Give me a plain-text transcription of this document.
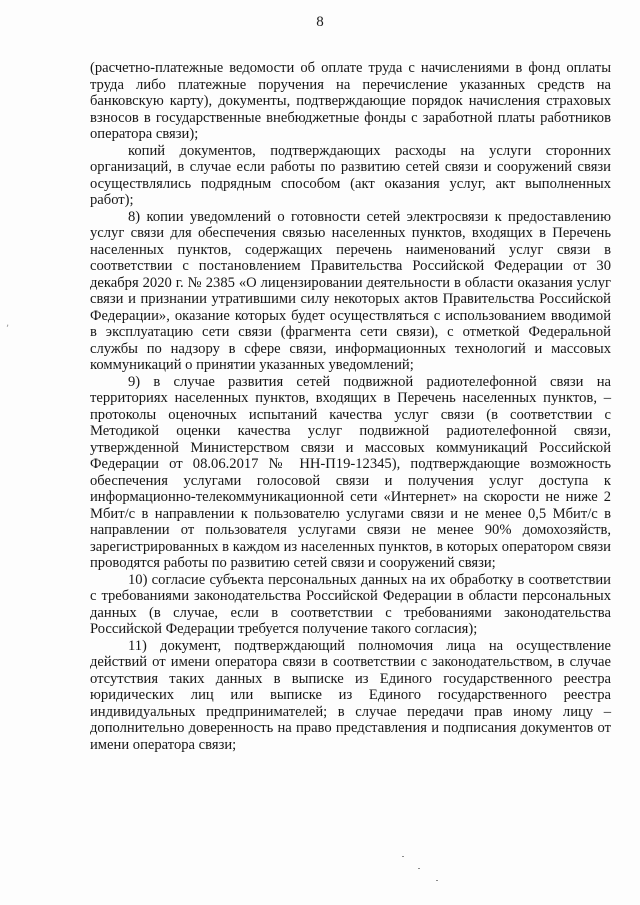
8

(расчетно-платежные ведомости об оплате труда с начислениями в фонд оплаты труда либо платежные поручения на перечисление указанных средств на банковскую карту), документы, подтверждающие порядок начисления страховых взносов в государственные внебюджетные фонды с заработной платы работников оператора связи);

копий документов, подтверждающих расходы на услуги сторонних организаций, в случае если работы по развитию сетей связи и сооружений связи осуществлялись подрядным способом (акт оказания услуг, акт выполненных работ);

8) копии уведомлений о готовности сетей электросвязи к предоставлению услуг связи для обеспечения связью населенных пунктов, входящих в Перечень населенных пунктов, содержащих перечень наименований услуг связи в соответствии с постановлением Правительства Российской Федерации от 30 декабря 2020 г. № 2385 «О лицензировании деятельности в области оказания услуг связи и признании утратившими силу некоторых актов Правительства Российской Федерации», оказание которых будет осуществляться с использованием вводимой в эксплуатацию сети связи (фрагмента сети связи), с отметкой Федеральной службы по надзору в сфере связи, информационных технологий и массовых коммуникаций о принятии указанных уведомлений;

9) в случае развития сетей подвижной радиотелефонной связи на территориях населенных пунктов, входящих в Перечень населенных пунктов, – протоколы оценочных испытаний качества услуг связи (в соответствии с Методикой оценки качества услуг подвижной радиотелефонной связи, утвержденной Министерством связи и массовых коммуникаций Российской Федерации от 08.06.2017 № НН-П19-12345), подтверждающие возможность обеспечения услугами голосовой связи и получения услуг доступа к информационно-телекоммуникационной сети «Интернет» на скорости не ниже 2 Мбит/с в направлении к пользователю услугами связи и не менее 0,5 Мбит/с в направлении от пользователя услугами связи не менее 90% домохозяйств, зарегистрированных в каждом из населенных пунктов, в которых оператором связи проводятся работы по развитию сетей связи и сооружений связи;

10) согласие субъекта персональных данных на их обработку в соответствии с требованиями законодательства Российской Федерации в области персональных данных (в случае, если в соответствии с требованиями законодательства Российской Федерации требуется получение такого согласия);

11) документ, подтверждающий полномочия лица на осуществление действий от имени оператора связи в соответствии с законодательством, в случае отсутствия таких данных в выписке из Единого государственного реестра юридических лиц или выписке из Единого государственного реестра индивидуальных предпринимателей; в случае передачи прав иному лицу – дополнительно доверенность на право представления и подписания документов от имени оператора связи;

,
